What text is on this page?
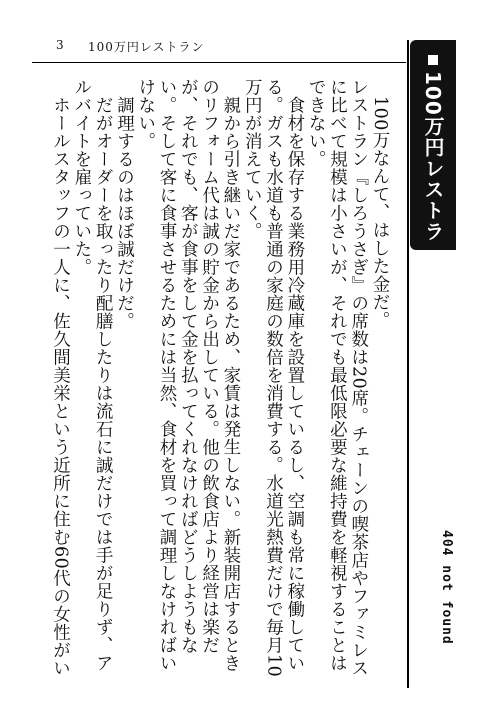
3 100万円レストラン
　100万なんて、はした金だ。
レストラン『しろうさぎ』の席数は20席。チェーンの喫茶店やファミレスに比べて規模は小さいが、それでも最低限必要な維持費を軽視することはできない。
　食材を保存する業務用冷蔵庫を設置しているし、空調も常に稼働している。ガスも水道も普通の家庭の数倍を消費する。水道光熱費だけで毎月10万円が消えていく。
　親から引き継いだ家であるため、家賃は発生しない。新装開店するときのリフォーム代は誠の貯金から出している。他の飲食店より経営は楽だが、それでも、客が食事をして金を払ってくれなければどうしようもない。そして客に食事させるためには当然、食材を買って調理しなければいけない。
　調理するのはほぼ誠だけだ。
　だがオーダーを取ったり配膳したりは流石に誠だけでは手が足りず、アルバイトを雇っていた。
　ホールスタッフの一人に、佐久間美栄という近所に住む60代の女性がい

100万円レストラ
404 not found
